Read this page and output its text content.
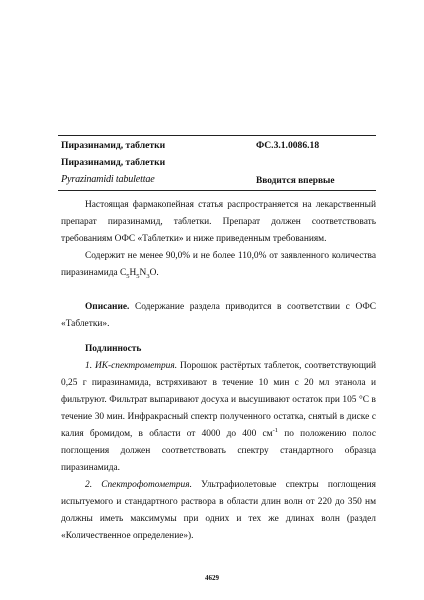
Пиразинамид, таблетки
Пиразинамид, таблетки
Pyrazinamidi tabulettae
ФС.3.1.0086.18
Вводится впервые
Настоящая фармакопейная статья распространяется на лекарственный препарат пиразинамид, таблетки. Препарат должен соответствовать требованиям ОФС «Таблетки» и ниже приведенным требованиям.
Содержит не менее 90,0% и не более 110,0% от заявленного количества пиразинамида $C_5H_5N_3O$.
Описание. Содержание раздела приводится в соответствии с ОФС «Таблетки».
Подлинность
1. ИК-спектрометрия. Порошок растёртых таблеток, соответствующий 0,25 г пиразинамида, встряхивают в течение 10 мин с 20 мл этанола и фильтруют. Фильтрат выпаривают досуха и высушивают остаток при 105 °С в течение 30 мин. Инфракрасный спектр полученного остатка, снятый в диске с калия бромидом, в области от 4000 до 400 $см^{-1}$ по положению полос поглощения должен соответствовать спектру стандартного образца пиразинамида.
2. Спектрофотометрия. Ультрафиолетовые спектры поглощения испытуемого и стандартного раствора в области длин волн от 220 до 350 нм должны иметь максимумы при одних и тех же длинах волн (раздел «Количественное определение»).
4629
